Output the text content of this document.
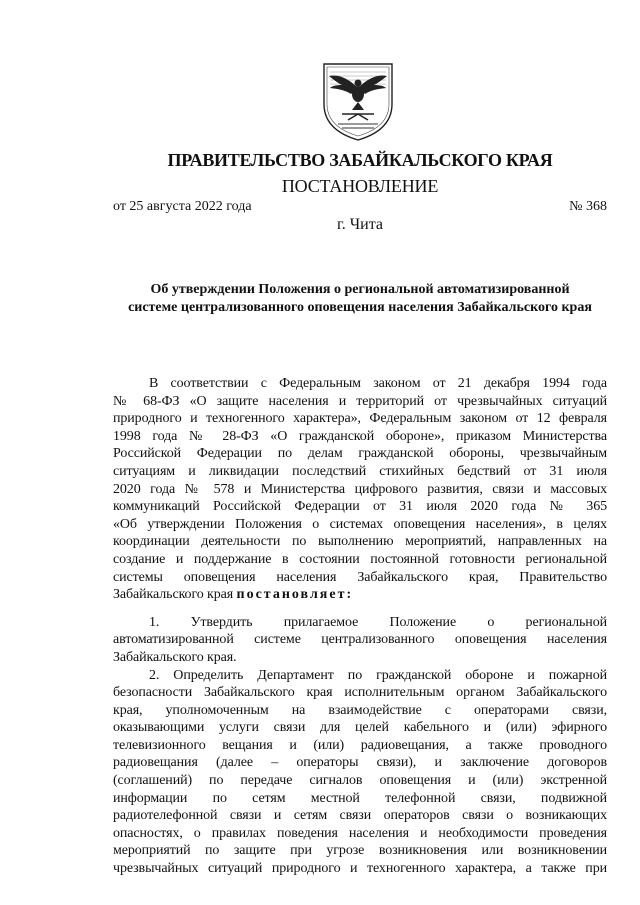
ПРАВИТЕЛЬСТВО ЗАБАЙКАЛЬСКОГО КРАЯ
ПОСТАНОВЛЕНИЕ
от 25 августа 2022 года	№ 368
г. Чита
Об утверждении Положения о региональной автоматизированной
системе централизованного оповещения населения Забайкальского края
В соответствии с Федеральным законом от 21 декабря 1994 года
№ 68-ФЗ «О защите населения и территорий от чрезвычайных ситуаций
природного и техногенного характера», Федеральным законом от 12 февраля
1998 года № 28-ФЗ «О гражданской обороне», приказом Министерства
Российской Федерации по делам гражданской обороны, чрезвычайным
ситуациям и ликвидации последствий стихийных бедствий от 31 июля
2020 года № 578 и Министерства цифрового развития, связи и массовых
коммуникаций Российской Федерации от 31 июля 2020 года № 365
«Об утверждении Положения о системах оповещения населения», в целях
координации деятельности по выполнению мероприятий, направленных на
создание и поддержание в состоянии постоянной готовности региональной
системы оповещения населения Забайкальского края, Правительство
Забайкальского края постановляет:
1. Утвердить прилагаемое Положение о региональной
автоматизированной системе централизованного оповещения населения
Забайкальского края.
2. Определить Департамент по гражданской обороне и пожарной
безопасности Забайкальского края исполнительным органом Забайкальского
края, уполномоченным на взаимодействие с операторами связи,
оказывающими услуги связи для целей кабельного и (или) эфирного
телевизионного вещания и (или) радиовещания, а также проводного
радиовещания (далее – операторы связи), и заключение договоров
(соглашений) по передаче сигналов оповещения и (или) экстренной
информации по сетям местной телефонной связи, подвижной
радиотелефонной связи и сетям связи операторов связи о возникающих
опасностях, о правилах поведения населения и необходимости проведения
мероприятий по защите при угрозе возникновения или возникновении
чрезвычайных ситуаций природного и техногенного характера, а также при
